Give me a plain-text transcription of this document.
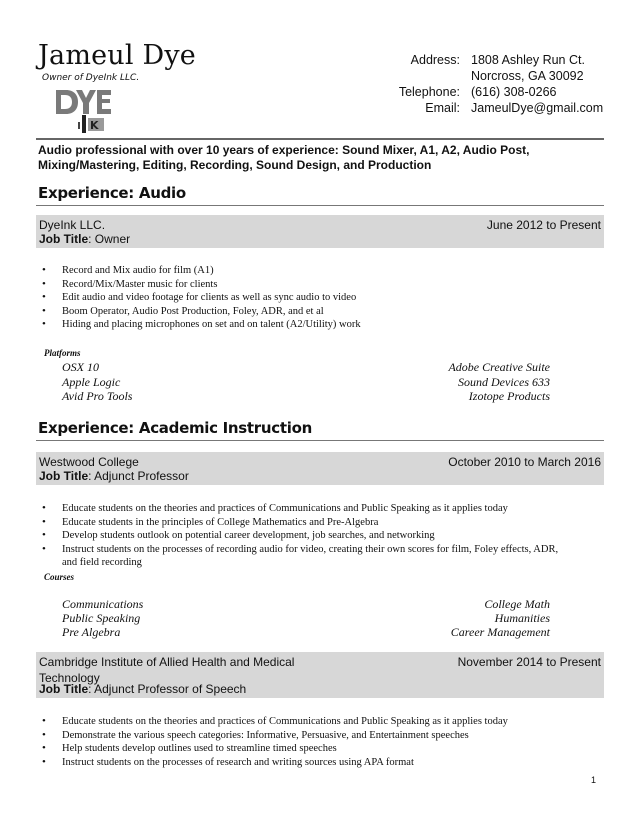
Jameul Dye
Owner of DyeInk LLC.
K
Address: 1808 Ashley Run Ct.
Norcross, GA 30092
Telephone: (616) 308-0266
Email: JameulDye@gmail.com
Audio professional with over 10 years of experience: Sound Mixer, A1, A2, Audio Post, Mixing/Mastering, Editing, Recording, Sound Design, and Production
Experience: Audio
DyeInk LLC.	June 2012 to Present
Job Title: Owner
• Record and Mix audio for film (A1)
• Record/Mix/Master music for clients
• Edit audio and video footage for clients as well as sync audio to video
• Boom Operator, Audio Post Production, Foley, ADR, and et al
• Hiding and placing microphones on set and on talent (A2/Utility) work
Platforms
OSX 10
Apple Logic
Avid Pro Tools
Adobe Creative Suite
Sound Devices 633
Izotope Products
Experience: Academic Instruction
Westwood College	October 2010 to March 2016
Job Title: Adjunct Professor
• Educate students on the theories and practices of Communications and Public Speaking as it applies today
• Educate students in the principles of College Mathematics and Pre-Algebra
• Develop students outlook on potential career development, job searches, and networking
• Instruct students on the processes of recording audio for video, creating their own scores for film, Foley effects, ADR, and field recording
Courses
Communications
Public Speaking
Pre Algebra
College Math
Humanities
Career Management
Cambridge Institute of Allied Health and Medical
Technology
November 2014 to Present
Job Title: Adjunct Professor of Speech
• Educate students on the theories and practices of Communications and Public Speaking as it applies today
• Demonstrate the various speech categories: Informative, Persuasive, and Entertainment speeches
• Help students develop outlines used to streamline timed speeches
• Instruct students on the processes of research and writing sources using APA format
1
